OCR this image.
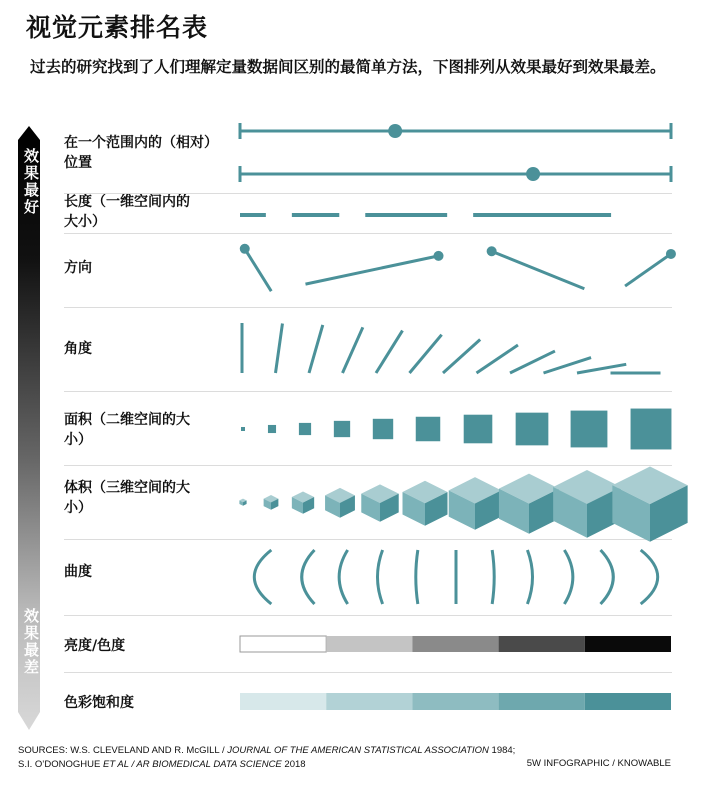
视觉元素排名表
过去的研究找到了人们理解定量数据间区别的最简单方法，下图排列从效果最好到效果最差。
效果最好
效果最差
在一个范围内的（相对）位置
长度（一维空间内的大小）
方向
角度
面积（二维空间的大小）
体积（三维空间的大小）
曲度
亮度/色度
色彩饱和度
SOURCES: W.S. CLEVELAND AND R. McGILL / JOURNAL OF THE AMERICAN STATISTICAL ASSOCIATION 1984;
S.I. O’DONOGHUE ET AL / AR BIOMEDICAL DATA SCIENCE 2018	5W INFOGRAPHIC / KNOWABLE
